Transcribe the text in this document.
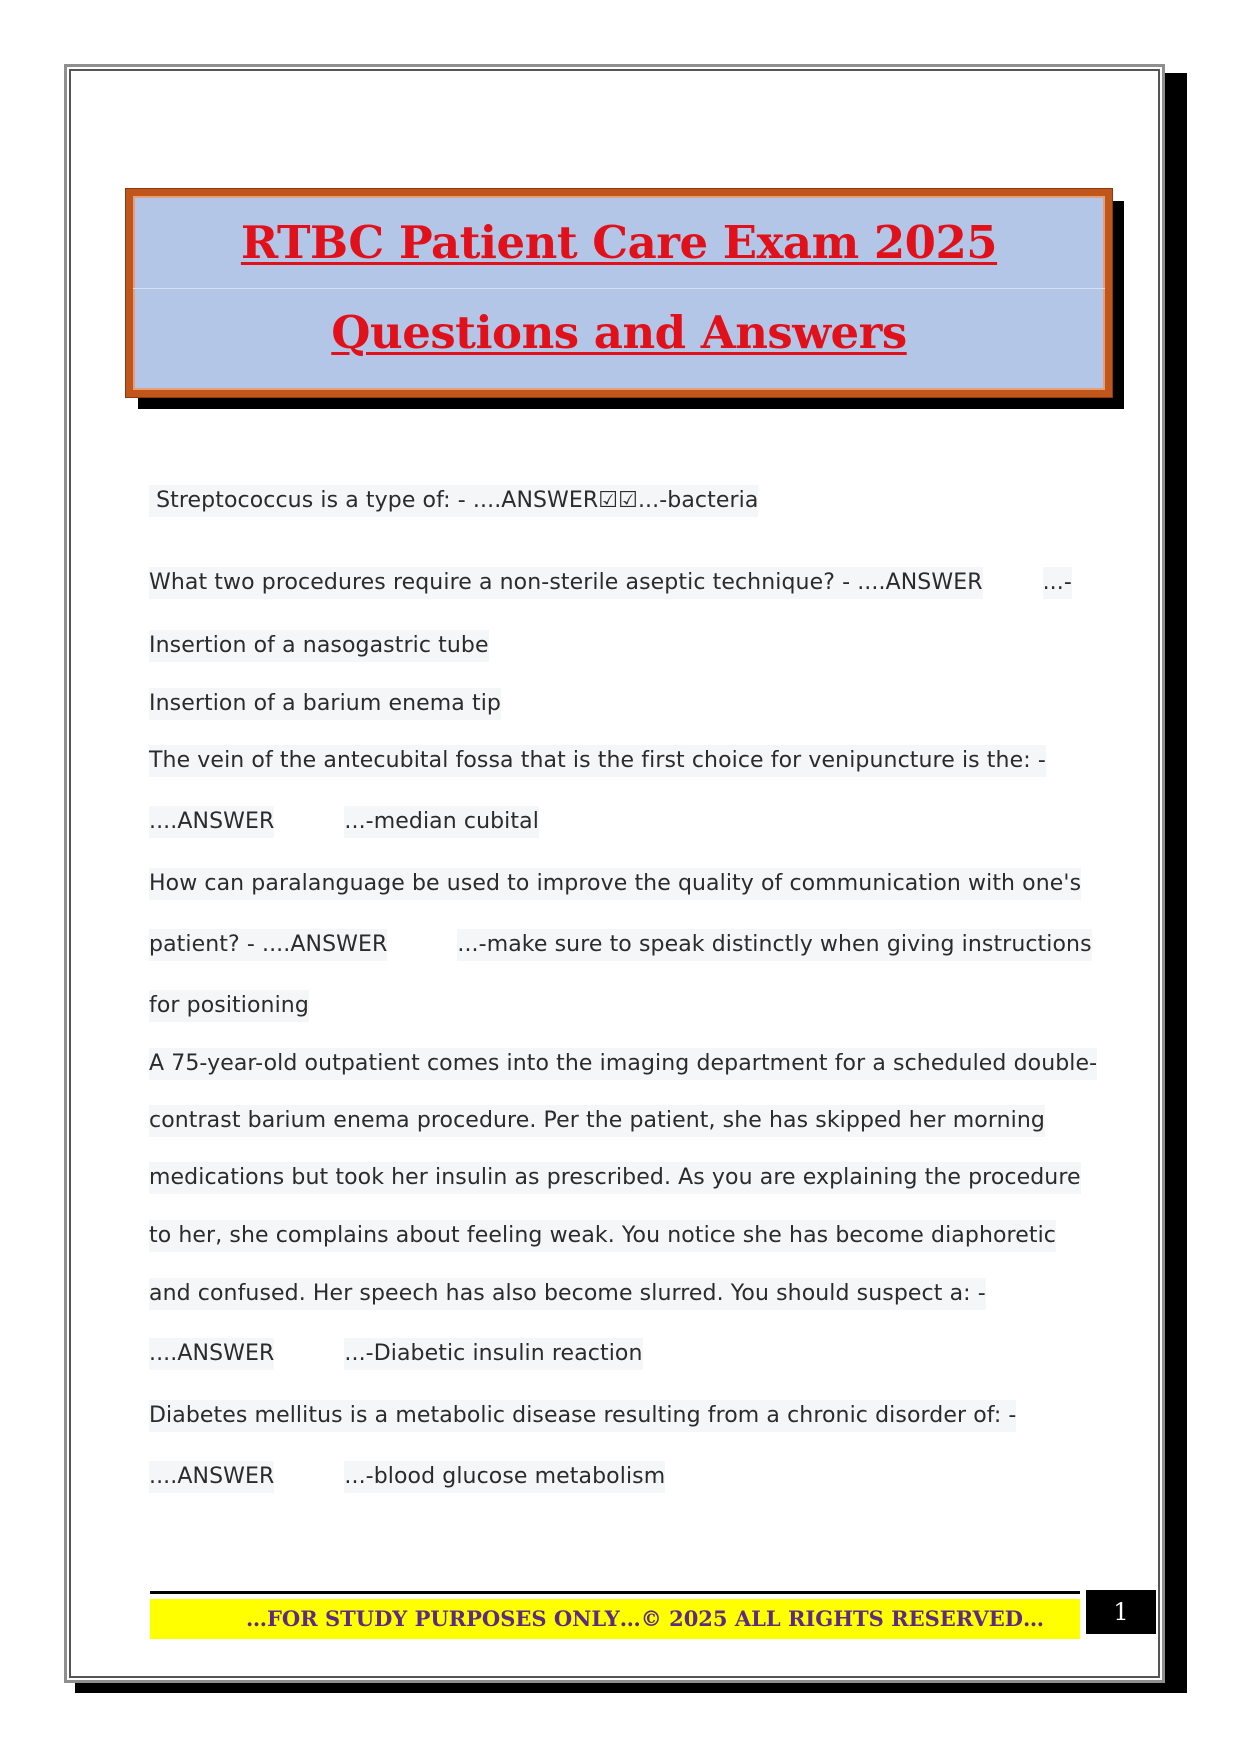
RTBC Patient Care Exam 2025
Questions and Answers
Streptococcus is a type of: - ....ANSWER☑☑...-bacteria
What two procedures require a non-sterile aseptic technique? - ....ANSWER	...-
Insertion of a nasogastric tube
Insertion of a barium enema tip
The vein of the antecubital fossa that is the first choice for venipuncture is the: -
....ANSWER	...-median cubital
How can paralanguage be used to improve the quality of communication with one's
patient? - ....ANSWER	...-make sure to speak distinctly when giving instructions
for positioning
A 75-year-old outpatient comes into the imaging department for a scheduled double-
contrast barium enema procedure. Per the patient, she has skipped her morning
medications but took her insulin as prescribed. As you are explaining the procedure
to her, she complains about feeling weak. You notice she has become diaphoretic
and confused. Her speech has also become slurred. You should suspect a: -
....ANSWER	...-Diabetic insulin reaction
Diabetes mellitus is a metabolic disease resulting from a chronic disorder of: -
....ANSWER	...-blood glucose metabolism
…FOR STUDY PURPOSES ONLY…© 2025 ALL RIGHTS RESERVED…	1
